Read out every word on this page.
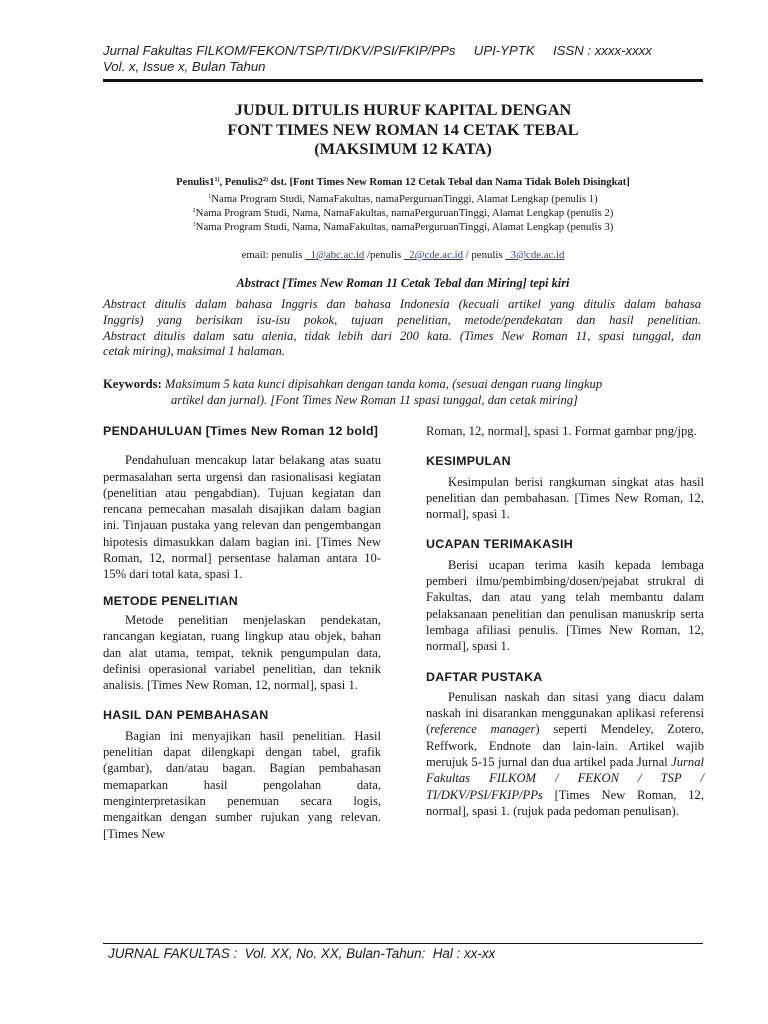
Jurnal Fakultas FILKOM/FEKON/TSP/TI/DKV/PSI/FKIP/PPs     UPI-YPTK     ISSN : xxxx-xxxx
Vol. x, Issue x, Bulan Tahun
JUDUL DITULIS HURUF KAPITAL DENGAN
FONT TIMES NEW ROMAN 14 CETAK TEBAL
(MAKSIMUM 12 KATA)
Penulis1$^{1)}$, Penulis2$^{2)}$ dst. [Font Times New Roman 12 Cetak Tebal dan Nama Tidak Boleh Disingkat]
$^1$Nama Program Studi, NamaFakultas, namaPerguruanTinggi, Alamat Lengkap (penulis 1)
$^2$Nama Program Studi, Nama, NamaFakultas, namaPerguruanTinggi, Alamat Lengkap (penulis 2)
$^3$Nama Program Studi, Nama, NamaFakultas, namaPerguruanTinggi, Alamat Lengkap (penulis 3)
email: penulis _1@abc.ac.id /penulis _2@cde.ac.id / penulis _3@cde.ac.id
Abstract [Times New Roman 11 Cetak Tebal dan Miring] tepi kiri
Abstract ditulis dalam bahasa Inggris dan bahasa Indonesia (kecuali artikel yang ditulis dalam bahasa
Inggris) yang berisikan isu-isu pokok, tujuan penelitian, metode/pendekatan dan hasil penelitian.
Abstract ditulis dalam satu alenia, tidak lebih dari 200 kata. (Times New Roman 11, spasi tunggal, dan
cetak miring), maksimal 1 halaman.
Keywords: Maksimum 5 kata kunci dipisahkan dengan tanda koma, (sesuai dengan ruang lingkup
artikel dan jurnal). [Font Times New Roman 11 spasi tunggal, dan cetak miring]
PENDAHULUAN [Times New Roman 12 bold]
Pendahuluan mencakup latar belakang atas suatu permasalahan serta urgensi dan rasionalisasi kegiatan (penelitian atau pengabdian). Tujuan kegiatan dan rencana pemecahan masalah disajikan dalam bagian ini. Tinjauan pustaka yang relevan dan pengembangan hipotesis dimasukkan dalam bagian ini. [Times New Roman, 12, normal] persentase halaman antara 10-15% dari total kata, spasi 1.
METODE PENELITIAN
Metode penelitian menjelaskan pendekatan, rancangan kegiatan, ruang lingkup atau objek, bahan dan alat utama, tempat, teknik pengumpulan data, definisi operasional variabel penelitian, dan teknik analisis. [Times New Roman, 12, normal], spasi 1.
HASIL DAN PEMBAHASAN
Bagian ini menyajikan hasil penelitian. Hasil penelitian dapat dilengkapi dengan tabel, grafik (gambar), dan/atau bagan. Bagian pembahasan memaparkan hasil pengolahan data, menginterpretasikan penemuan secara logis, mengaitkan dengan sumber rujukan yang relevan. [Times New
Roman, 12, normal], spasi 1. Format gambar png/jpg.
KESIMPULAN
Kesimpulan berisi rangkuman singkat atas hasil penelitian dan pembahasan. [Times New Roman, 12, normal], spasi 1.
UCAPAN TERIMAKASIH
Berisi ucapan terima kasih kepada lembaga pemberi ilmu/pembimbing/dosen/pejabat strukral di Fakultas, dan atau yang telah membantu dalam pelaksanaan penelitian dan penulisan manuskrip serta lembaga afiliasi penulis. [Times New Roman, 12, normal], spasi 1.
DAFTAR PUSTAKA
Penulisan naskah dan sitasi yang diacu dalam naskah ini disarankan menggunakan aplikasi referensi (reference manager) seperti Mendeley, Zotero, Reffwork, Endnote dan lain-lain. Artikel wajib merujuk 5-15 jurnal dan dua artikel pada Jurnal Jurnal Fakultas FILKOM / FEKON / TSP / TI/DKV/PSI/FKIP/PPs [Times New Roman, 12, normal], spasi 1. (rujuk pada pedoman penulisan).
JURNAL FAKULTAS :  Vol. XX, No. XX, Bulan-Tahun:  Hal : xx-xx
